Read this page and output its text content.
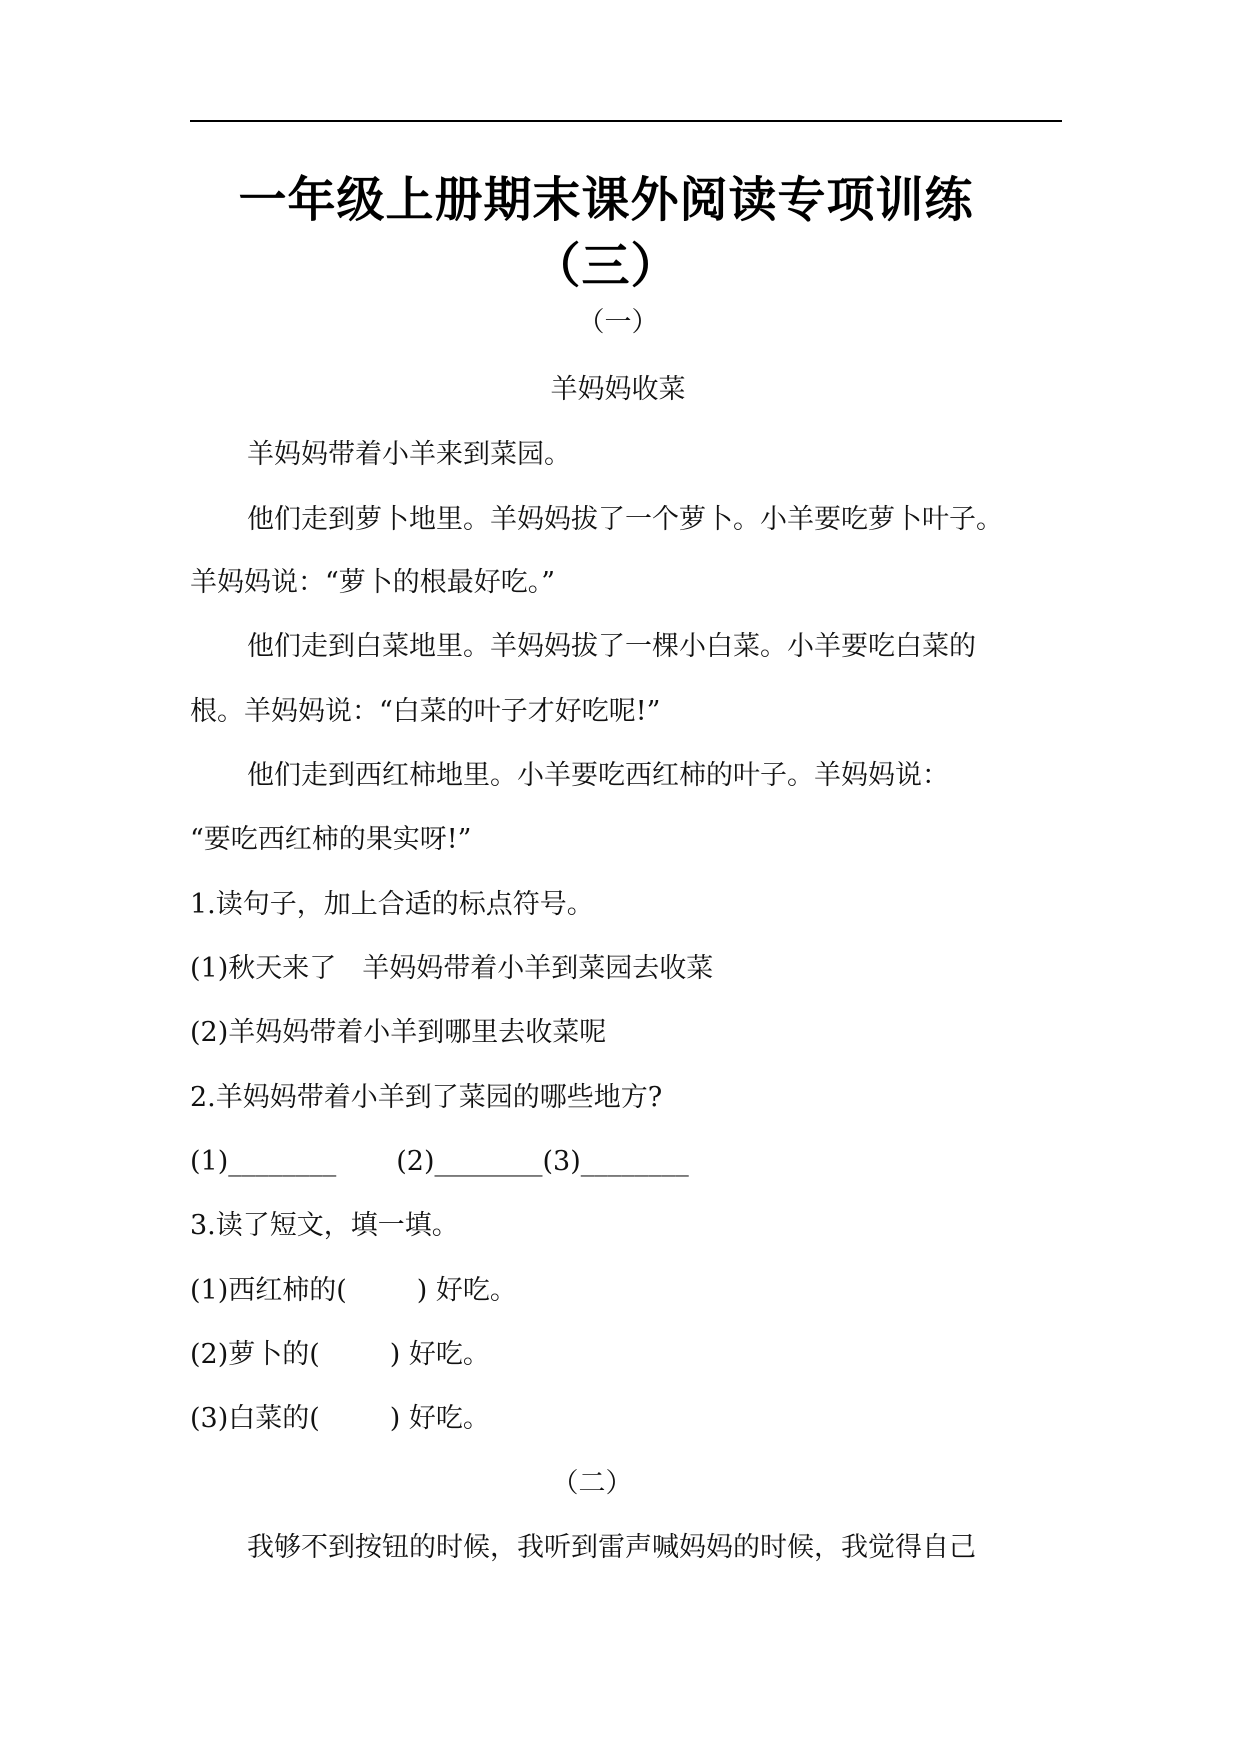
一年级上册期末课外阅读专项训练
（三）
（一）
羊妈妈收菜
羊妈妈带着小羊来到菜园。
他们走到萝卜地里。羊妈妈拔了一个萝卜。小羊要吃萝卜叶子。
羊妈妈说：“萝卜的根最好吃。”
他们走到白菜地里。羊妈妈拔了一棵小白菜。小羊要吃白菜的
根。羊妈妈说：“白菜的叶子才好吃呢!”
他们走到西红柿地里。小羊要吃西红柿的叶子。羊妈妈说：
“要吃西红柿的果实呀!”
1.读句子，加上合适的标点符号。
(1)秋天来了 羊妈妈带着小羊到菜园去收菜
(2)羊妈妈带着小羊到哪里去收菜呢
2.羊妈妈带着小羊到了菜园的哪些地方?
(1)________ (2)________(3)________
3.读了短文，填一填。
(1)西红柿的(	) 好吃。
(2)萝卜的(	) 好吃。
(3)白菜的(	) 好吃。
（二）
我够不到按钮的时候，我听到雷声喊妈妈的时候，我觉得自己
